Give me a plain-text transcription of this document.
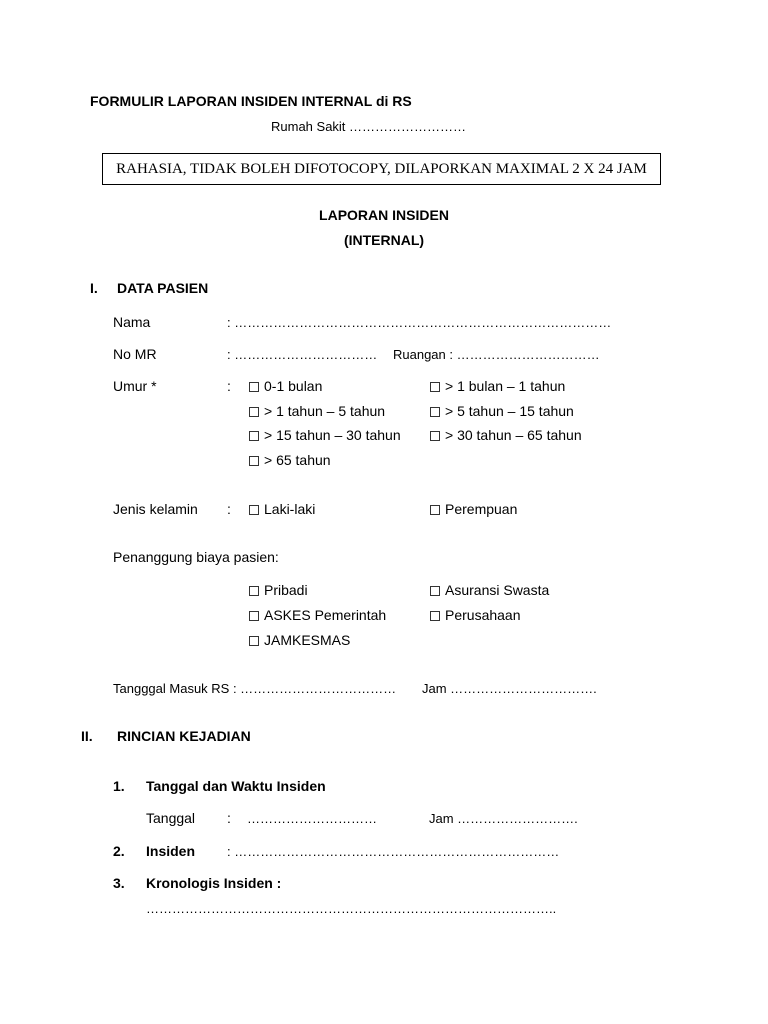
FORMULIR LAPORAN INSIDEN INTERNAL di RS
Rumah Sakit ………………………
RAHASIA, TIDAK BOLEH DIFOTOCOPY, DILAPORKAN MAXIMAL 2 X 24 JAM
LAPORAN INSIDEN
(INTERNAL)
I. DATA PASIEN
Nama	: ……………………………………………………………………………
No MR	: …………………………… Ruangan : ……………………………
Umur *	:	0-1 bulan	> 1 bulan – 1 tahun
> 1 tahun – 5 tahun	> 5 tahun – 15 tahun
> 15 tahun – 30 tahun	> 30 tahun – 65 tahun
> 65 tahun
Jenis kelamin :	Laki-laki	Perempuan
Penanggung biaya pasien:
Pribadi	Asuransi Swasta
ASKES Pemerintah	Perusahaan
JAMKESMAS
Tangggal Masuk RS : ……………………………… Jam …………………………….
II. RINCIAN KEJADIAN
1. Tanggal dan Waktu Insiden
Tanggal : …………………………	Jam ……………………….
2. Insiden : …………………………………………………………………
3. Kronologis Insiden :
…………………………………………………………………………………..
